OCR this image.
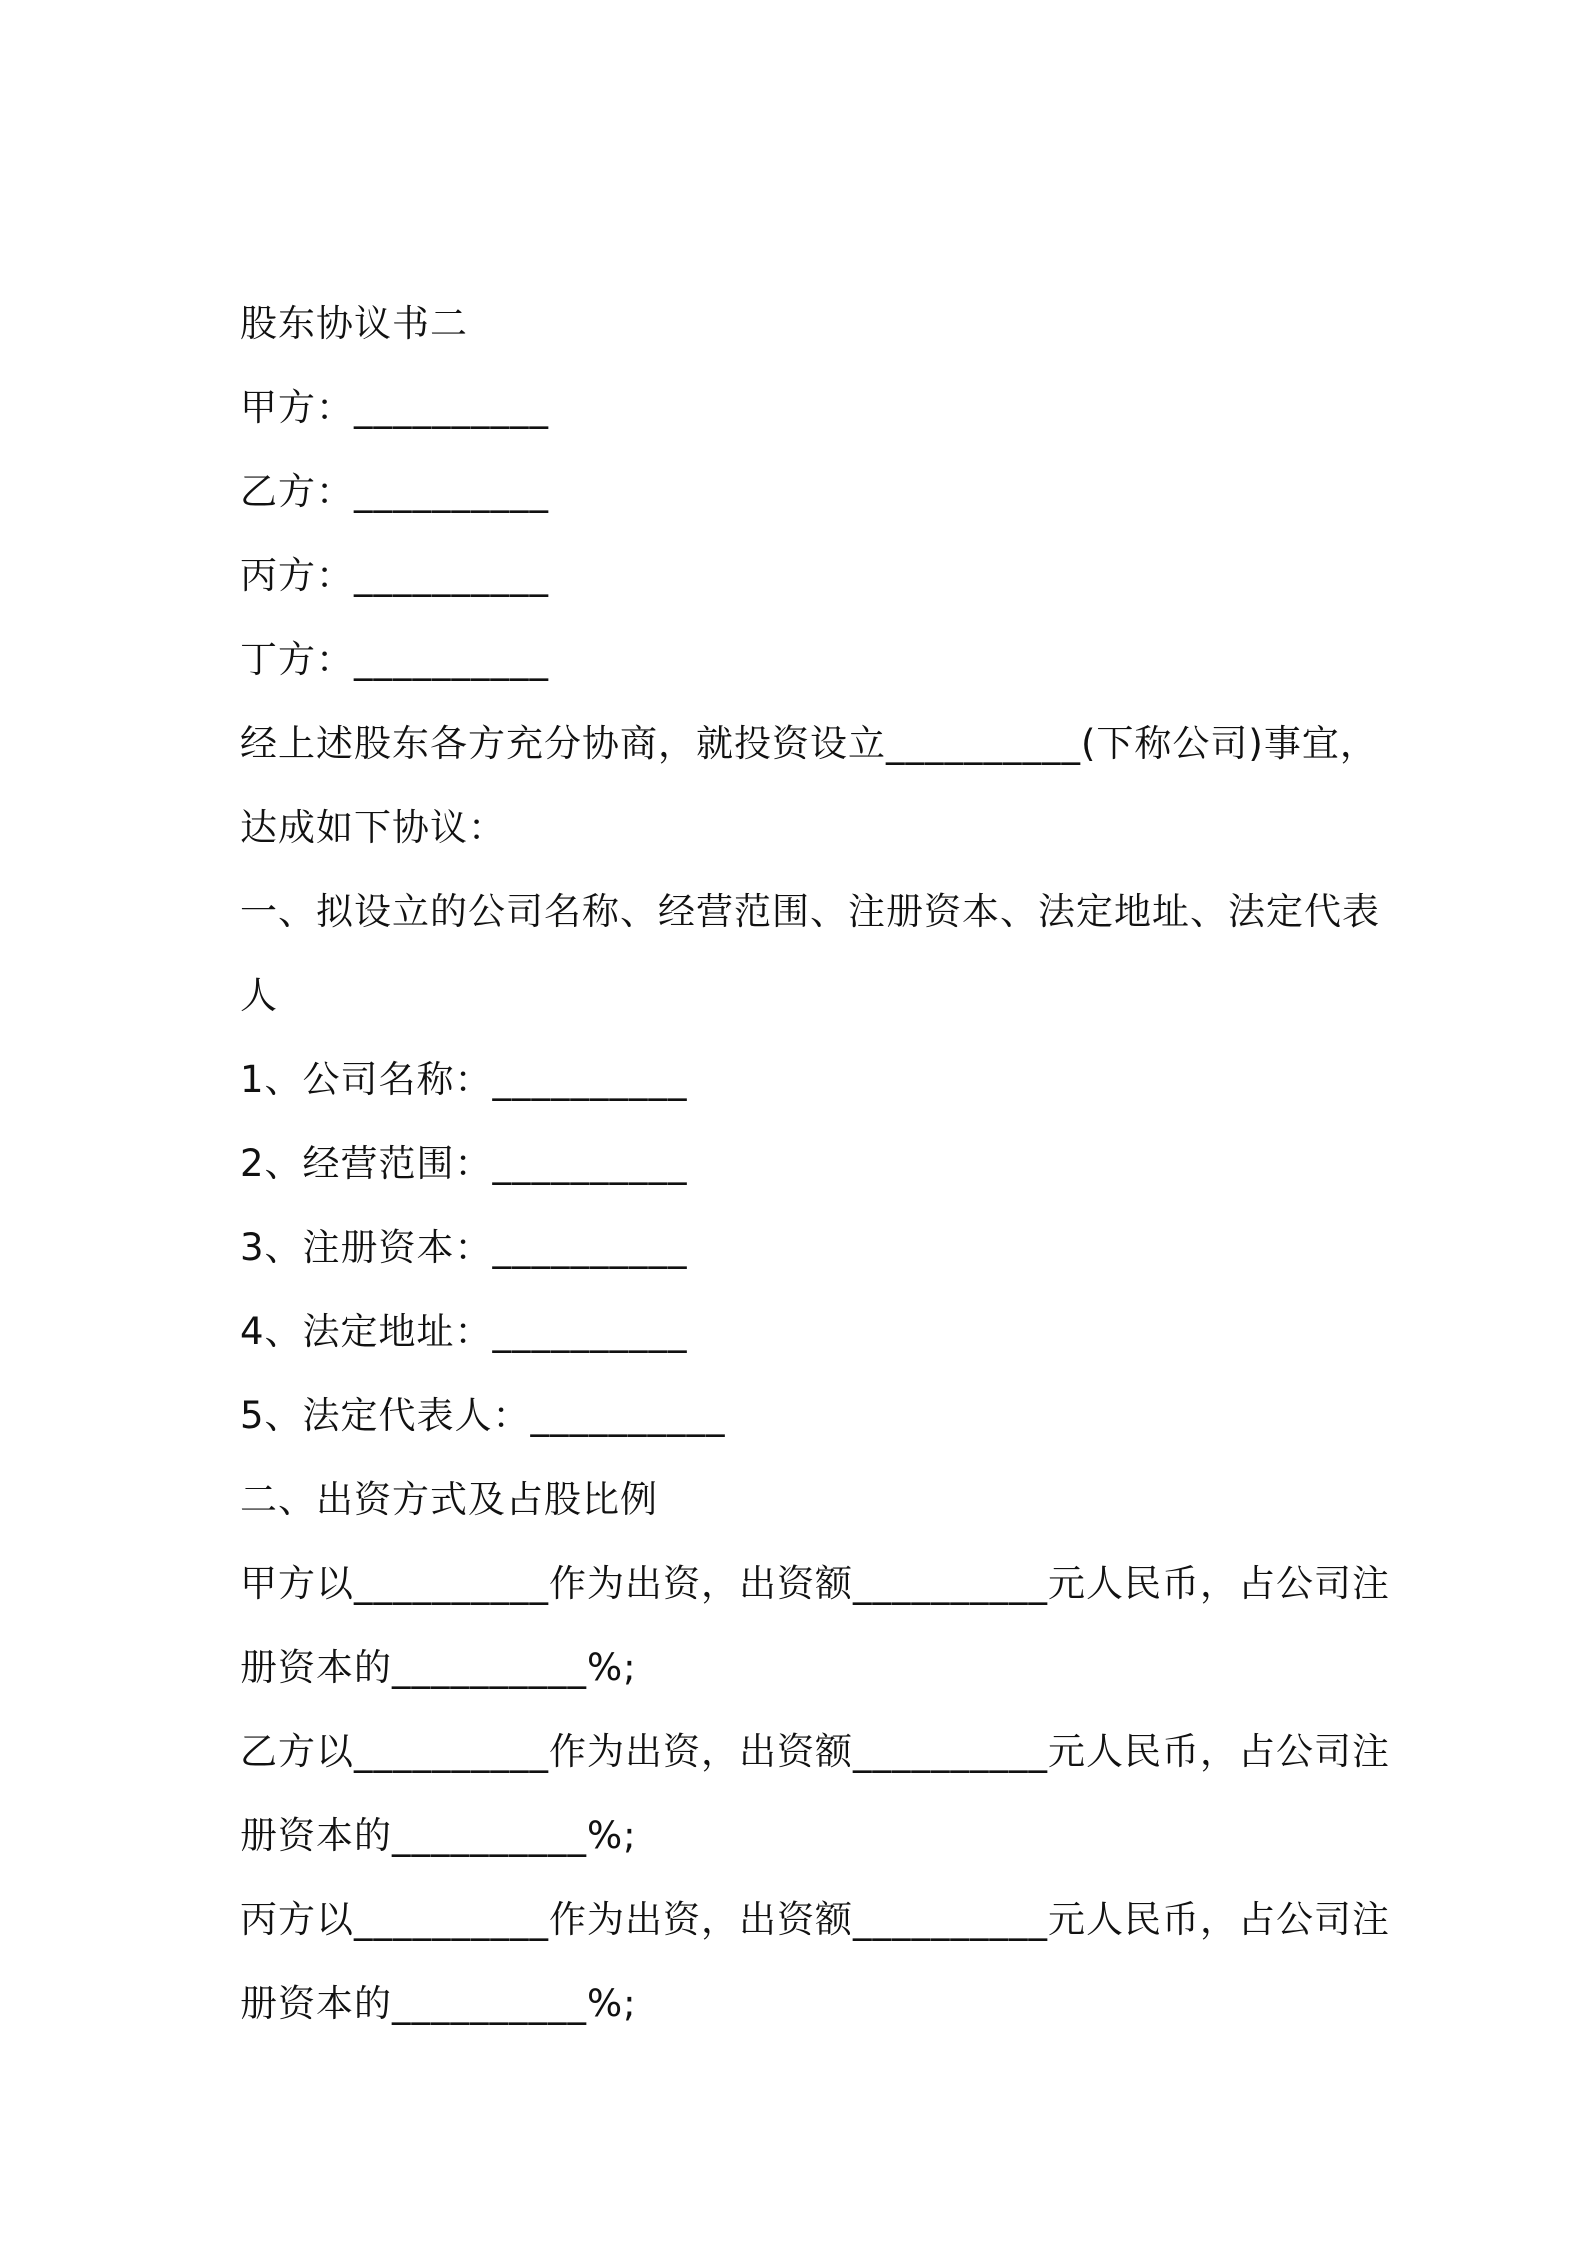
股东协议书二
甲方：__________
乙方：__________
丙方：__________
丁方：__________
经上述股东各方充分协商，就投资设立__________(下称公司)事宜，
达成如下协议：
一、拟设立的公司名称、经营范围、注册资本、法定地址、法定代表
人
1、公司名称：__________
2、经营范围：__________
3、注册资本：__________
4、法定地址：__________
5、法定代表人：__________
二、出资方式及占股比例
甲方以__________作为出资，出资额__________元人民币，占公司注
册资本的__________%;
乙方以__________作为出资，出资额__________元人民币，占公司注
册资本的__________%;
丙方以__________作为出资，出资额__________元人民币，占公司注
册资本的__________%;
